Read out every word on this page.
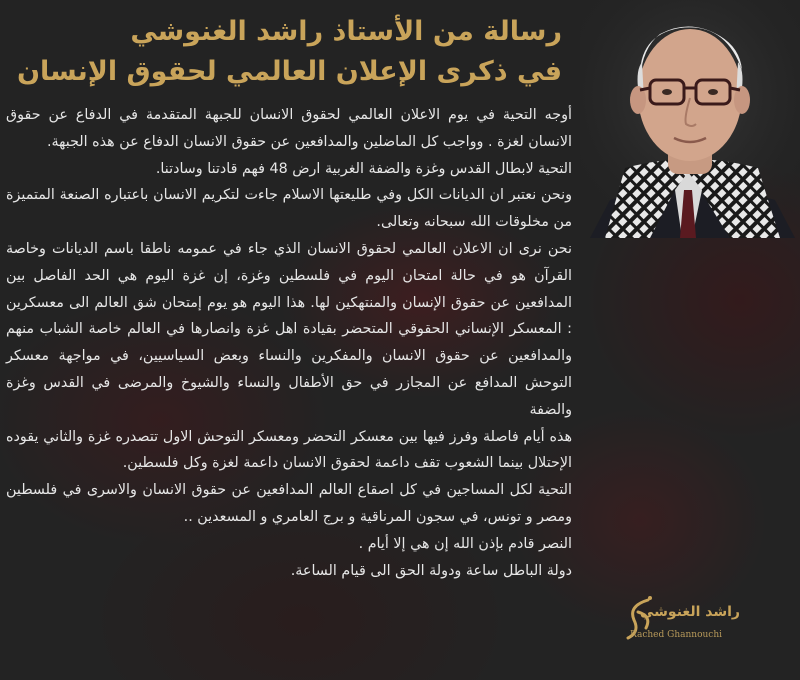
رسالة من الأستاذ راشد الغنوشي
في ذكرى الإعلان العالمي لحقوق الإنسان

أوجه التحية في يوم الاعلان العالمي لحقوق الانسان للجبهة المتقدمة في الدفاع عن حقوق الانسان لغزة . وواجب كل الماضلين والمدافعين عن حقوق الانسان الدفاع عن هذه الجبهة.

التحية لابطال القدس وغزة والضفة الغربية ارض 48 فهم قادتنا وسادتنا.

ونحن نعتبر ان الديانات الكل وفي طليعتها الاسلام جاءت لتكريم الانسان باعتباره الصنعة المتميزة من مخلوقات الله سبحانه وتعالى.

نحن نرى ان الاعلان العالمي لحقوق الانسان الذي جاء في عمومه ناطقا باسم الديانات وخاصة القرآن هو في حالة امتحان اليوم في فلسطين وغزة، إن غزة اليوم هي الحد الفاصل بين المدافعين عن حقوق الإنسان والمنتهكين لها. هذا اليوم هو يوم إمتحان شق العالم الى معسكرين : المعسكر الإنساني الحقوقي المتحضر بقيادة اهل غزة وانصارها في العالم خاصة الشباب منهم والمدافعين عن حقوق الانسان والمفكرين والنساء وبعض السياسيين، في مواجهة معسكر التوحش المدافع عن المجازر في حق الأطفال والنساء والشيوخ والمرضى في القدس وغزة والضفة

هذه أيام فاصلة وفرز فيها بين معسكر التحضر ومعسكر التوحش الاول تتصدره غزة والثاني يقوده الإحتلال بينما الشعوب تقف داعمة لحقوق الانسان داعمة لغزة وكل فلسطين.

التحية لكل المساجين في كل اصقاع العالم المدافعين عن حقوق الانسان والاسرى في فلسطين ومصر و تونس، في سجون المرناقية و برج العامري و المسعدين ..

النصر قادم بإذن الله إن هي إلا أيام .

دولة الباطل ساعة ودولة الحق الى قيام الساعة.

راشد الغنوشي
Rached Ghannouchi
